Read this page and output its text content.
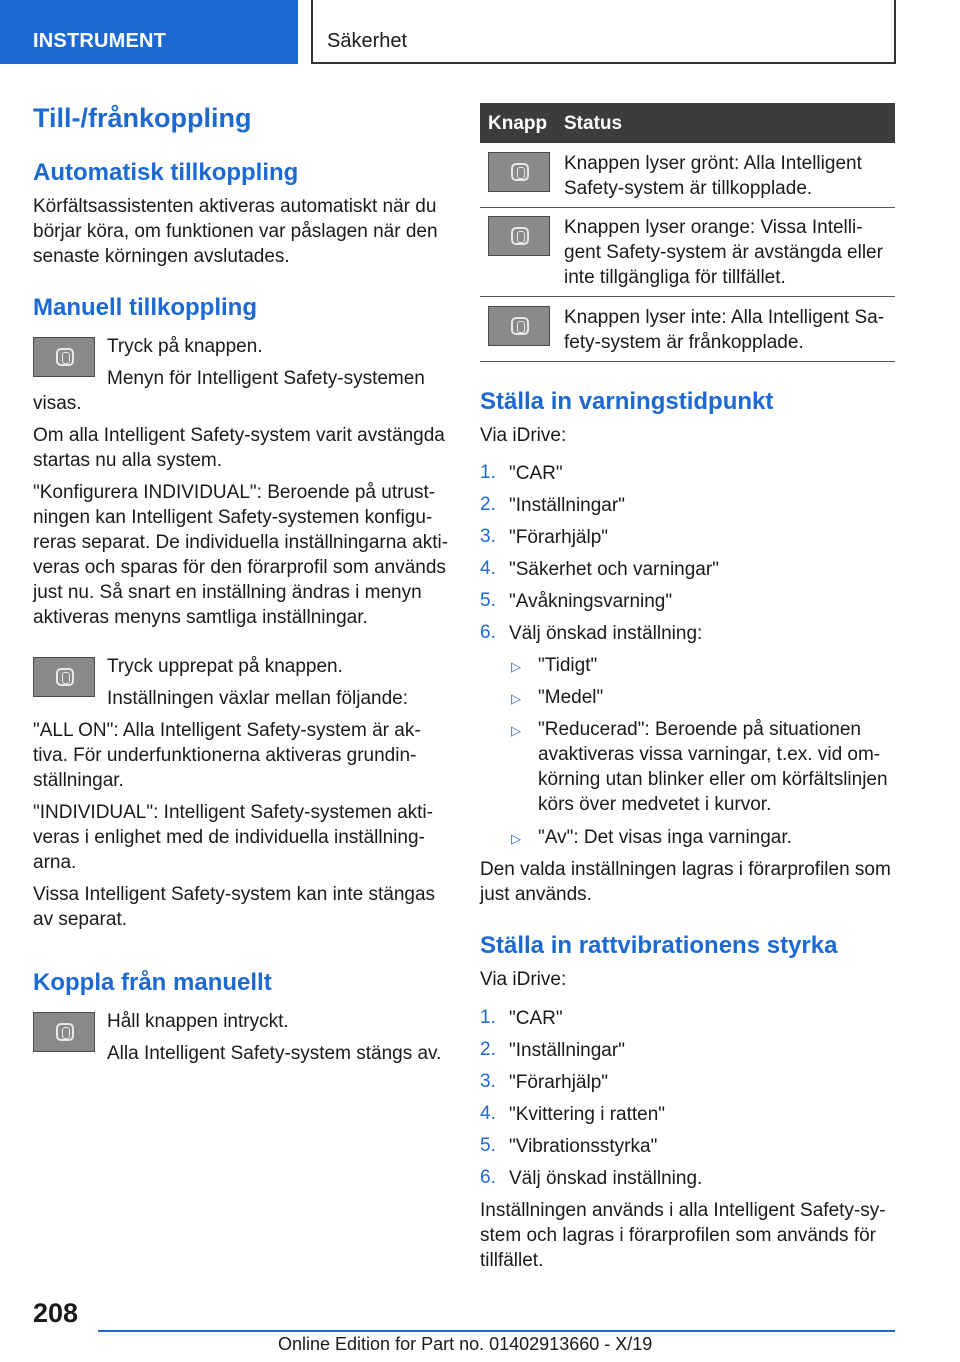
INSTRUMENT	Säkerhet
Till-/frånkoppling
Automatisk tillkoppling
Körfältsassistenten aktiveras automatiskt när du
börjar köra, om funktionen var påslagen när den
senaste körningen avslutades.
Manuell tillkoppling
Tryck på knappen.
Menyn för Intelligent Safety-systemen
visas.
Om alla Intelligent Safety-system varit avstängda
startas nu alla system.
"Konfigurera INDIVIDUAL": Beroende på utrust-
ningen kan Intelligent Safety-systemen konfigu-
reras separat. De individuella inställningarna akti-
veras och sparas för den förarprofil som används
just nu. Så snart en inställning ändras i menyn
aktiveras menyns samtliga inställningar.
Tryck upprepat på knappen.
Inställningen växlar mellan följande:
"ALL ON": Alla Intelligent Safety-system är ak-
tiva. För underfunktionerna aktiveras grundin-
ställningar.
"INDIVIDUAL": Intelligent Safety-systemen akti-
veras i enlighet med de individuella inställning-
arna.
Vissa Intelligent Safety-system kan inte stängas
av separat.
Koppla från manuellt
Håll knappen intryckt.
Alla Intelligent Safety-system stängs av.
Knapp Status
Knappen lyser grönt: Alla Intelligent
Safety-system är tillkopplade.
Knappen lyser orange: Vissa Intelli-
gent Safety-system är avstängda eller
inte tillgängliga för tillfället.
Knappen lyser inte: Alla Intelligent Sa-
fety-system är frånkopplade.
Ställa in varningstidpunkt
Via iDrive:
1. "CAR"
2. "Inställningar"
3. "Förarhjälp"
4. "Säkerhet och varningar"
5. "Avåkningsvarning"
6. Välj önskad inställning:
▷ "Tidigt"
▷ "Medel"
▷ "Reducerad": Beroende på situationen
avaktiveras vissa varningar, t.ex. vid om-
körning utan blinker eller om körfältslinjen
körs över medvetet i kurvor.
▷ "Av": Det visas inga varningar.
Den valda inställningen lagras i förarprofilen som
just används.
Ställa in rattvibrationens styrka
Via iDrive:
1. "CAR"
2. "Inställningar"
3. "Förarhjälp"
4. "Kvittering i ratten"
5. "Vibrationsstyrka"
6. Välj önskad inställning.
Inställningen används i alla Intelligent Safety-sy-
stem och lagras i förarprofilen som används för
tillfället.
208
Online Edition for Part no. 01402913660 - X/19
